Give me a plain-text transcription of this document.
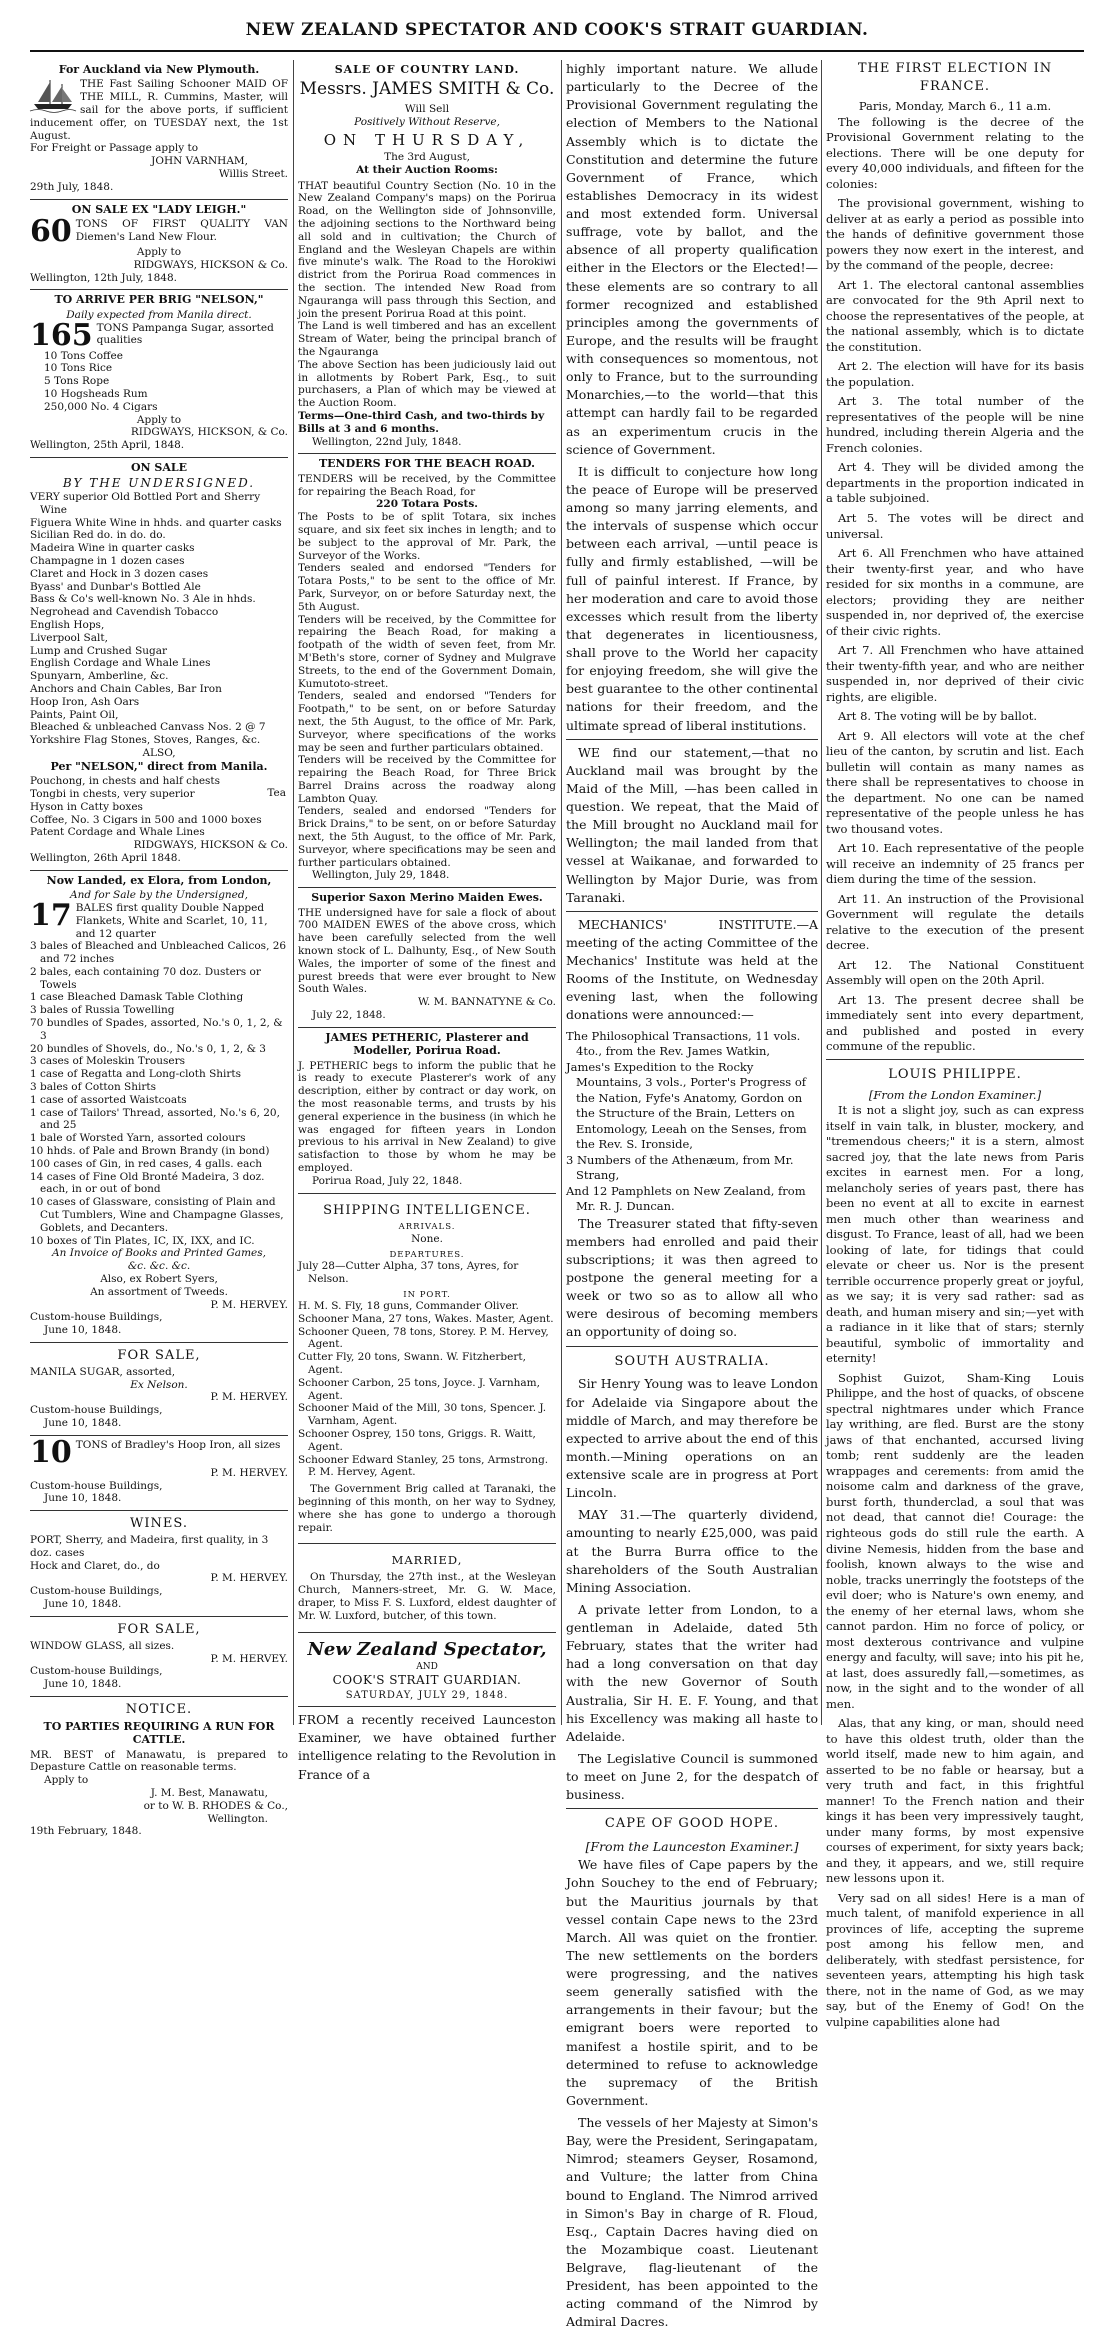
NEW ZEALAND SPECTATOR AND COOK'S STRAIT GUARDIAN.
For Auckland via New Plymouth.
THE Fast Sailing Schooner MAID OF THE MILL, R. Cummins, Master, will sail for the above ports, if sufficient inducement offer, on TUESDAY next, the 1st August.
For Freight or Passage apply to
JOHN VARNHAM,
Willis Street.
29th July, 1848.
ON SALE EX "LADY LEIGH."
60 TONS OF FIRST QUALITY VAN Diemen's Land New Flour.
Apply to
RIDGWAYS, HICKSON & Co.
Wellington, 12th July, 1848.
TO ARRIVE PER BRIG "NELSON,"
Daily expected from Manila direct.
165 TONS Pampanga Sugar, assorted qualities
10 Tons Coffee
10 Tons Rice
5 Tons Rope
10 Hogsheads Rum
250,000 No. 4 Cigars
Apply to
RIDGWAYS, HICKSON, & Co.
Wellington, 25th April, 1848.
ON SALE
BY THE UNDERSIGNED.
VERY superior Old Bottled Port and Sherry Wine
Figuera White Wine in hhds. and quarter casks
Sicilian Red do. in do. do.
Madeira Wine in quarter casks
Champagne in 1 dozen cases
Claret and Hock in 3 dozen cases
Byass' and Dunbar's Bottled Ale
Bass & Co's well-known No. 3 Ale in hhds.
Negrohead and Cavendish Tobacco
English Hops,
Liverpool Salt,
Lump and Crushed Sugar
English Cordage and Whale Lines
Spunyarn, Amberline, &c.
Anchors and Chain Cables, Bar Iron
Hoop Iron, Ash Oars
Paints, Paint Oil,
Bleached & unbleached Canvass Nos. 2 @ 7
Yorkshire Flag Stones, Stoves, Ranges, &c.
ALSO,
Per "NELSON," direct from Manila.
Pouchong, in chests and half chests
Tongbi in chests, very superior
Hyson in Catty boxes
Tea
Coffee, No. 3 Cigars in 500 and 1000 boxes
Patent Cordage and Whale Lines
RIDGWAYS, HICKSON & Co.
Wellington, 26th April 1848.
Now Landed, ex Elora, from London,
And for Sale by the Undersigned,
17 BALES first quality Double Napped Flankets, White and Scarlet, 10, 11, and 12 quarter
3 bales of Bleached and Unbleached Calicos, 26 and 72 inches
2 bales, each containing 70 doz. Dusters or Towels
1 case Bleached Damask Table Clothing
3 bales of Russia Towelling
70 bundles of Spades, assorted, No.'s 0, 1, 2, & 3
20 bundles of Shovels, do., No.'s 0, 1, 2, & 3
3 cases of Moleskin Trousers
1 case of Regatta and Long-cloth Shirts
3 bales of Cotton Shirts
1 case of assorted Waistcoats
1 case of Tailors' Thread, assorted, No.'s 6, 20, and 25
1 bale of Worsted Yarn, assorted colours
10 hhds. of Pale and Brown Brandy (in bond)
100 cases of Gin, in red cases, 4 galls. each
14 cases of Fine Old Bronté Madeira, 3 doz. each, in or out of bond
10 cases of Glassware, consisting of Plain and Cut Tumblers, Wine and Champagne Glasses, Goblets, and Decanters.
10 boxes of Tin Plates, IC, IX, IXX, and IC.
An Invoice of Books and Printed Games,
&c. &c. &c.
Also, ex Robert Syers,
An assortment of Tweeds.
P. M. HERVEY.
Custom-house Buildings,
June 10, 1848.
FOR SALE,
MANILA SUGAR, assorted,
Ex Nelson.
P. M. HERVEY.
Custom-house Buildings,
June 10, 1848.
10 TONS of Bradley's Hoop Iron, all sizes
P. M. HERVEY.
Custom-house Buildings,
June 10, 1848.
WINES.
PORT, Sherry, and Madeira, first quality, in 3 doz. cases
Hock and Claret, do., do
P. M. HERVEY.
Custom-house Buildings,
June 10, 1848.
FOR SALE,
WINDOW GLASS, all sizes.
P. M. HERVEY.
Custom-house Buildings,
June 10, 1848.
NOTICE.
TO PARTIES REQUIRING A RUN FOR CATTLE.
MR. BEST of Manawatu, is prepared to Depasture Cattle on reasonable terms.
Apply to
J. M. Best, Manawatu,
or to W. B. RHODES & Co.,
Wellington.
19th February, 1848.
SALE OF COUNTRY LAND.
Messrs. JAMES SMITH & Co.
Will Sell
Positively Without Reserve,
ON THURSDAY,
The 3rd August,
At their Auction Rooms:
THAT beautiful Country Section (No. 10 in the New Zealand Company's maps) on the Porirua Road, on the Wellington side of Johnsonville, the adjoining sections to the Northward being all sold and in cultivation; the Church of England and the Wesleyan Chapels are within five minute's walk. The Road to the Horokiwi district from the Porirua Road commences in the section. The intended New Road from Ngauranga will pass through this Section, and join the present Porirua Road at this point.
The Land is well timbered and has an excellent Stream of Water, being the principal branch of the Ngauranga
The above Section has been judiciously laid out in allotments by Robert Park, Esq., to suit purchasers, a Plan of which may be viewed at the Auction Room.
Terms—One-third Cash, and two-thirds by Bills at 3 and 6 months.
Wellington, 22nd July, 1848.
TENDERS FOR THE BEACH ROAD.
TENDERS will be received, by the Committee for repairing the Beach Road, for
220 Totara Posts.
The Posts to be of split Totara, six inches square, and six feet six inches in length; and to be subject to the approval of Mr. Park, the Surveyor of the Works.
Tenders sealed and endorsed "Tenders for Totara Posts," to be sent to the office of Mr. Park, Surveyor, on or before Saturday next, the 5th August.
Tenders will be received, by the Committee for repairing the Beach Road, for making a footpath of the width of seven feet, from Mr. M'Beth's store, corner of Sydney and Mulgrave Streets, to the end of the Government Domain, Kumutoto-street.
Tenders, sealed and endorsed "Tenders for Footpath," to be sent, on or before Saturday next, the 5th August, to the office of Mr. Park, Surveyor, where specifications of the works may be seen and further particulars obtained.
Tenders will be received by the Committee for repairing the Beach Road, for Three Brick Barrel Drains across the roadway along Lambton Quay.
Tenders, sealed and endorsed "Tenders for Brick Drains," to be sent, on or before Saturday next, the 5th August, to the office of Mr. Park, Surveyor, where specifications may be seen and further particulars obtained.
Wellington, July 29, 1848.
Superior Saxon Merino Maiden Ewes.
THE undersigned have for sale a flock of about 700 MAIDEN EWES of the above cross, which have been carefully selected from the well known stock of L. Dalhunty, Esq., of New South Wales, the importer of some of the finest and purest breeds that were ever brought to New South Wales.
W. M. BANNATYNE & Co.
July 22, 1848.
JAMES PETHERIC, Plasterer and Modeller, Porirua Road.
J. PETHERIC begs to inform the public that he is ready to execute Plasterer's work of any description, either by contract or day work, on the most reasonable terms, and trusts by his general experience in the business (in which he was engaged for fifteen years in London previous to his arrival in New Zealand) to give satisfaction to those by whom he may be employed.
Porirua Road, July 22, 1848.
SHIPPING INTELLIGENCE.
ARRIVALS.
None.
DEPARTURES.
July 28—Cutter Alpha, 37 tons, Ayres, for Nelson.
IN PORT.
H. M. S. Fly, 18 guns, Commander Oliver.
Schooner Mana, 27 tons, Wakes. Master, Agent.
Schooner Queen, 78 tons, Storey. P. M. Hervey, Agent.
Cutter Fly, 20 tons, Swann. W. Fitzherbert, Agent.
Schooner Carbon, 25 tons, Joyce. J. Varnham, Agent.
Schooner Maid of the Mill, 30 tons, Spencer. J. Varnham, Agent.
Schooner Osprey, 150 tons, Griggs. R. Waitt, Agent.
Schooner Edward Stanley, 25 tons, Armstrong. P. M. Hervey, Agent.
The Government Brig called at Taranaki, the beginning of this month, on her way to Sydney, where she has gone to undergo a thorough repair.
MARRIED,
On Thursday, the 27th inst., at the Wesleyan Church, Manners-street, Mr. G. W. Mace, draper, to Miss F. S. Luxford, eldest daughter of Mr. W. Luxford, butcher, of this town.
New Zealand Spectator,
AND
COOK'S STRAIT GUARDIAN.
SATURDAY, JULY 29, 1848.
FROM a recently received Launceston Examiner, we have obtained further intelligence relating to the Revolution in France of a
highly important nature. We allude particularly to the Decree of the Provisional Government regulating the election of Members to the National Assembly which is to dictate the Constitution and determine the future Government of France, which establishes Democracy in its widest and most extended form. Universal suffrage, vote by ballot, and the absence of all property qualification either in the Electors or the Elected!—these elements are so contrary to all former recognized and established principles among the governments of Europe, and the results will be fraught with consequences so momentous, not only to France, but to the surrounding Monarchies,—to the world—that this attempt can hardly fail to be regarded as an experimentum crucis in the science of Government.
It is difficult to conjecture how long the peace of Europe will be preserved among so many jarring elements, and the intervals of suspense which occur between each arrival, —until peace is fully and firmly established, —will be full of painful interest. If France, by her moderation and care to avoid those excesses which result from the liberty that degenerates in licentiousness, shall prove to the World her capacity for enjoying freedom, she will give the best guarantee to the other continental nations for their freedom, and the ultimate spread of liberal institutions.
WE find our statement,—that no Auckland mail was brought by the Maid of the Mill, —has been called in question. We repeat, that the Maid of the Mill brought no Auckland mail for Wellington; the mail landed from that vessel at Waikanae, and forwarded to Wellington by Major Durie, was from Taranaki.
MECHANICS' INSTITUTE.—A meeting of the acting Committee of the Mechanics' Institute was held at the Rooms of the Institute, on Wednesday evening last, when the following donations were announced:—
The Philosophical Transactions, 11 vols. 4to., from the Rev. James Watkin,
James's Expedition to the Rocky Mountains, 3 vols., Porter's Progress of the Nation, Fyfe's Anatomy, Gordon on the Structure of the Brain, Letters on Entomology, Leeah on the Senses, from the Rev. S. Ironside,
3 Numbers of the Athenæum, from Mr. Strang,
And 12 Pamphlets on New Zealand, from Mr. R. J. Duncan.
The Treasurer stated that fifty-seven members had enrolled and paid their subscriptions; it was then agreed to postpone the general meeting for a week or two so as to allow all who were desirous of becoming members an opportunity of doing so.
SOUTH AUSTRALIA.
Sir Henry Young was to leave London for Adelaide via Singapore about the middle of March, and may therefore be expected to arrive about the end of this month.—Mining operations on an extensive scale are in progress at Port Lincoln.
MAY 31.—The quarterly dividend, amounting to nearly £25,000, was paid at the Burra Burra office to the shareholders of the South Australian Mining Association.
A private letter from London, to a gentleman in Adelaide, dated 5th February, states that the writer had had a long conversation on that day with the new Governor of South Australia, Sir H. E. F. Young, and that his Excellency was making all haste to Adelaide.
The Legislative Council is summoned to meet on June 2, for the despatch of business.
CAPE OF GOOD HOPE.
[From the Launceston Examiner.]
We have files of Cape papers by the John Souchey to the end of February; but the Mauritius journals by that vessel contain Cape news to the 23rd March. All was quiet on the frontier. The new settlements on the borders were progressing, and the natives seem generally satisfied with the arrangements in their favour; but the emigrant boers were reported to manifest a hostile spirit, and to be determined to refuse to acknowledge the supremacy of the British Government.
The vessels of her Majesty at Simon's Bay, were the President, Seringapatam, Nimrod; steamers Geyser, Rosamond, and Vulture; the latter from China bound to England. The Nimrod arrived in Simon's Bay in charge of R. Floud, Esq., Captain Dacres having died on the Mozambique coast. Lieutenant Belgrave, flag-lieutenant of the President, has been appointed to the acting command of the Nimrod by Admiral Dacres.
THE FIRST ELECTION IN FRANCE.
Paris, Monday, March 6., 11 a.m.
The following is the decree of the Provisional Government relating to the elections. There will be one deputy for every 40,000 individuals, and fifteen for the colonies:
The provisional government, wishing to deliver at as early a period as possible into the hands of definitive government those powers they now exert in the interest, and by the command of the people, decree:
Art 1. The electoral cantonal assemblies are convocated for the 9th April next to choose the representatives of the people, at the national assembly, which is to dictate the constitution.
Art 2. The election will have for its basis the population.
Art 3. The total number of the representatives of the people will be nine hundred, including therein Algeria and the French colonies.
Art 4. They will be divided among the departments in the proportion indicated in a table subjoined.
Art 5. The votes will be direct and universal.
Art 6. All Frenchmen who have attained their twenty-first year, and who have resided for six months in a commune, are electors; providing they are neither suspended in, nor deprived of, the exercise of their civic rights.
Art 7. All Frenchmen who have attained their twenty-fifth year, and who are neither suspended in, nor deprived of their civic rights, are eligible.
Art 8. The voting will be by ballot.
Art 9. All electors will vote at the chef lieu of the canton, by scrutin and list. Each bulletin will contain as many names as there shall be representatives to choose in the department. No one can be named representative of the people unless he has two thousand votes.
Art 10. Each representative of the people will receive an indemnity of 25 francs per diem during the time of the session.
Art 11. An instruction of the Provisional Government will regulate the details relative to the execution of the present decree.
Art 12. The National Constituent Assembly will open on the 20th April.
Art 13. The present decree shall be immediately sent into every department, and published and posted in every commune of the republic.
LOUIS PHILIPPE.
[From the London Examiner.]
It is not a slight joy, such as can express itself in vain talk, in bluster, mockery, and "tremendous cheers;" it is a stern, almost sacred joy, that the late news from Paris excites in earnest men. For a long, melancholy series of years past, there has been no event at all to excite in earnest men much other than weariness and disgust. To France, least of all, had we been looking of late, for tidings that could elevate or cheer us. Nor is the present terrible occurrence properly great or joyful, as we say; it is very sad rather: sad as death, and human misery and sin;—yet with a radiance in it like that of stars; sternly beautiful, symbolic of immortality and eternity!
Sophist Guizot, Sham-King Louis Philippe, and the host of quacks, of obscene spectral nightmares under which France lay writhing, are fled. Burst are the stony jaws of that enchanted, accursed living tomb; rent suddenly are the leaden wrappages and cerements: from amid the noisome calm and darkness of the grave, burst forth, thunderclad, a soul that was not dead, that cannot die! Courage: the righteous gods do still rule the earth. A divine Nemesis, hidden from the base and foolish, known always to the wise and noble, tracks unerringly the footsteps of the evil doer; who is Nature's own enemy, and the enemy of her eternal laws, whom she cannot pardon. Him no force of policy, or most dexterous contrivance and vulpine energy and faculty, will save; into his pit he, at last, does assuredly fall,—sometimes, as now, in the sight and to the wonder of all men.
Alas, that any king, or man, should need to have this oldest truth, older than the world itself, made new to him again, and asserted to be no fable or hearsay, but a very truth and fact, in this frightful manner! To the French nation and their kings it has been very impressively taught, under many forms, by most expensive courses of experiment, for sixty years back; and they, it appears, and we, still require new lessons upon it.
Very sad on all sides! Here is a man of much talent, of manifold experience in all provinces of life, accepting the supreme post among his fellow men, and deliberately, with stedfast persistence, for seventeen years, attempting his high task there, not in the name of God, as we may say, but of the Enemy of God! On the vulpine capabilities alone had
